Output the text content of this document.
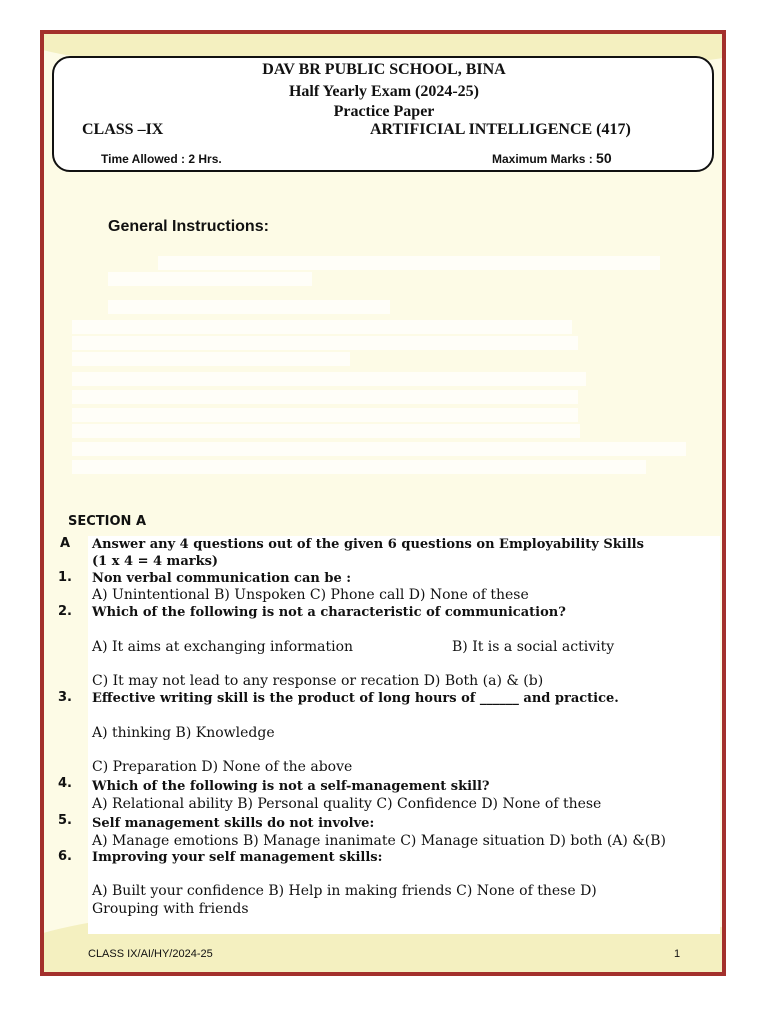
DAV BR PUBLIC SCHOOL, BINA
Half Yearly Exam (2024-25)
Practice Paper
CLASS –IX	ARTIFICIAL INTELLIGENCE (417)
Time Allowed : 2 Hrs.	Maximum Marks : 50
General Instructions:
SECTION A
A Answer any 4 questions out of the given 6 questions on Employability Skills
(1 x 4 = 4 marks)
1. Non verbal communication can be :
A) Unintentional B) Unspoken C) Phone call D) None of these
2. Which of the following is not a characteristic of communication?
A) It aims at exchanging information	B) It is a social activity
C) It may not lead to any response or recation D) Both (a) & (b)
3. Effective writing skill is the product of long hours of ______ and practice.
A) thinking B) Knowledge
C) Preparation D) None of the above
4. Which of the following is not a self-management skill?
A) Relational ability B) Personal quality C) Confidence D) None of these
5. Self management skills do not involve:
A) Manage emotions B) Manage inanimate C) Manage situation D) both (A) &(B)
6. Improving your self management skills:
A) Built your confidence B) Help in making friends C) None of these D)
Grouping with friends
CLASS IX/AI/HY/2024-25	1
